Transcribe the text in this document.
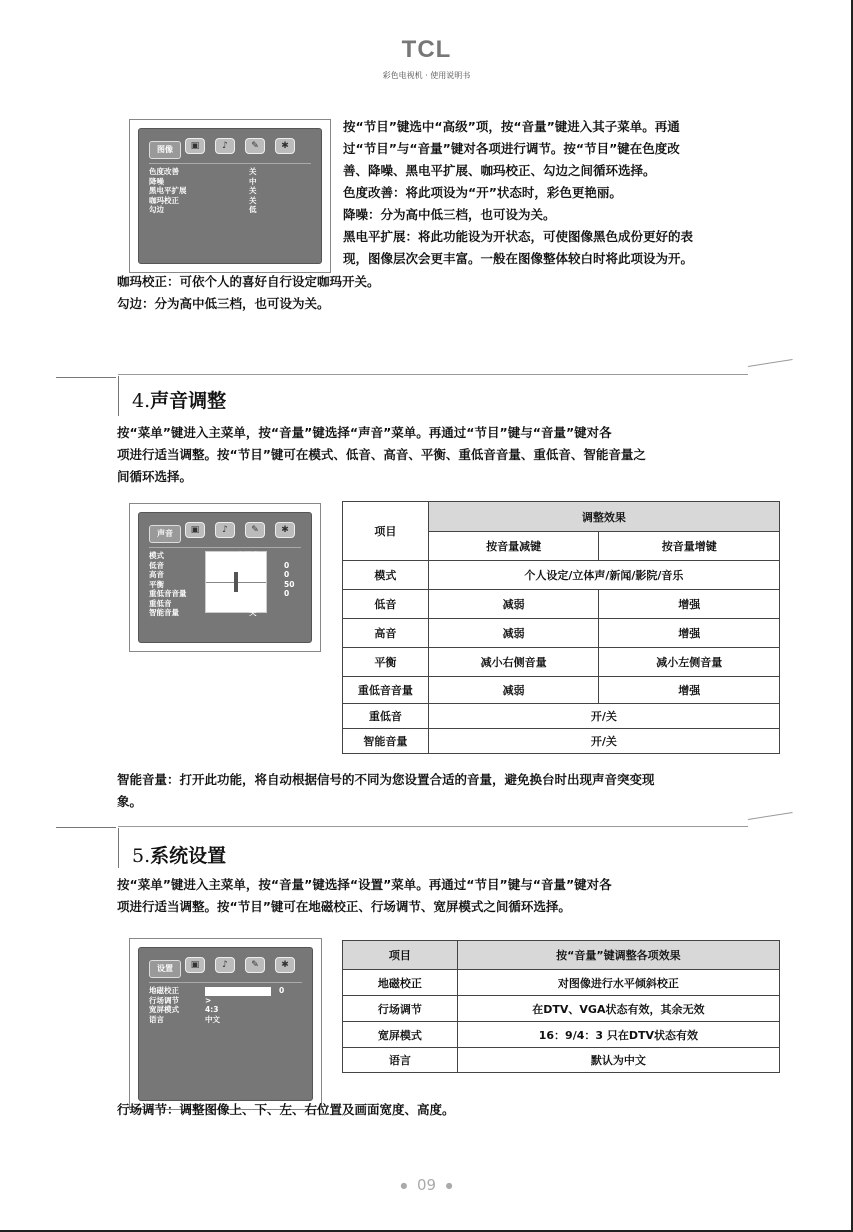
TCL
彩色电视机 · 使用说明书
图像	▣	♪	✎	✱
色度改善	关
降噪	中
黑电平扩展	关
咖玛校正	关
勾边	低

按“节目”键选中“高级”项，按“音量”键进入其子菜单。再通

过“节目”与“音量”键对各项进行调节。按“节目”键在色度改

善、降噪、黑电平扩展、咖玛校正、勾边之间循环选择。

色度改善：将此项设为“开”状态时，彩色更艳丽。

降噪：分为高中低三档，也可设为关。

黑电平扩展：将此功能设为开状态，可使图像黑色成份更好的表

现，图像层次会更丰富。一般在图像整体较白时将此项设为开。

咖玛校正：可依个人的喜好自行设定咖玛开关。

勾边：分为高中低三档，也可设为关。

4.声音调整

按“菜单”键进入主菜单，按“音量”键选择“声音”菜单。再通过“节目”键与“音量”键对各

项进行适当调整。按“节目”键可在模式、低音、高音、平衡、重低音音量、重低音、智能音量之

间循环选择。

声音	▣	♪	✎	✱
模式	立体声
低音	0
高音	0
平衡	50
重低音音量	0
重低音	关
智能音量	关
项目	调整效果	
	按音量减键	按音量增键
模式	个人设定/立体声/新闻/影院/音乐	
低音	减弱	增强
高音	减弱	增强
平衡	减小右侧音量	减小左侧音量
重低音音量	减弱	增强
重低音	开/关	
智能音量	开/关	

智能音量：打开此功能，将自动根据信号的不同为您设置合适的音量，避免换台时出现声音突变现

象。

5.系统设置

按“菜单”键进入主菜单，按“音量”键选择“设置”菜单。再通过“节目”键与“音量”键对各

项进行适当调整。按“节目”键可在地磁校正、行场调节、宽屏模式之间循环选择。

设置	▣	♪	✎	✱
地磁校正	0
行场调节	>
宽屏模式	4:3
语言	中文
项目	按“音量”键调整各项效果
地磁校正	对图像进行水平倾斜校正
行场调节	在DTV、VGA状态有效，其余无效
宽屏模式	16：9/4：3 只在DTV状态有效
语言	默认为中文
行场调节：调整图像上、下、左、右位置及画面宽度、高度。
● 09 ●
